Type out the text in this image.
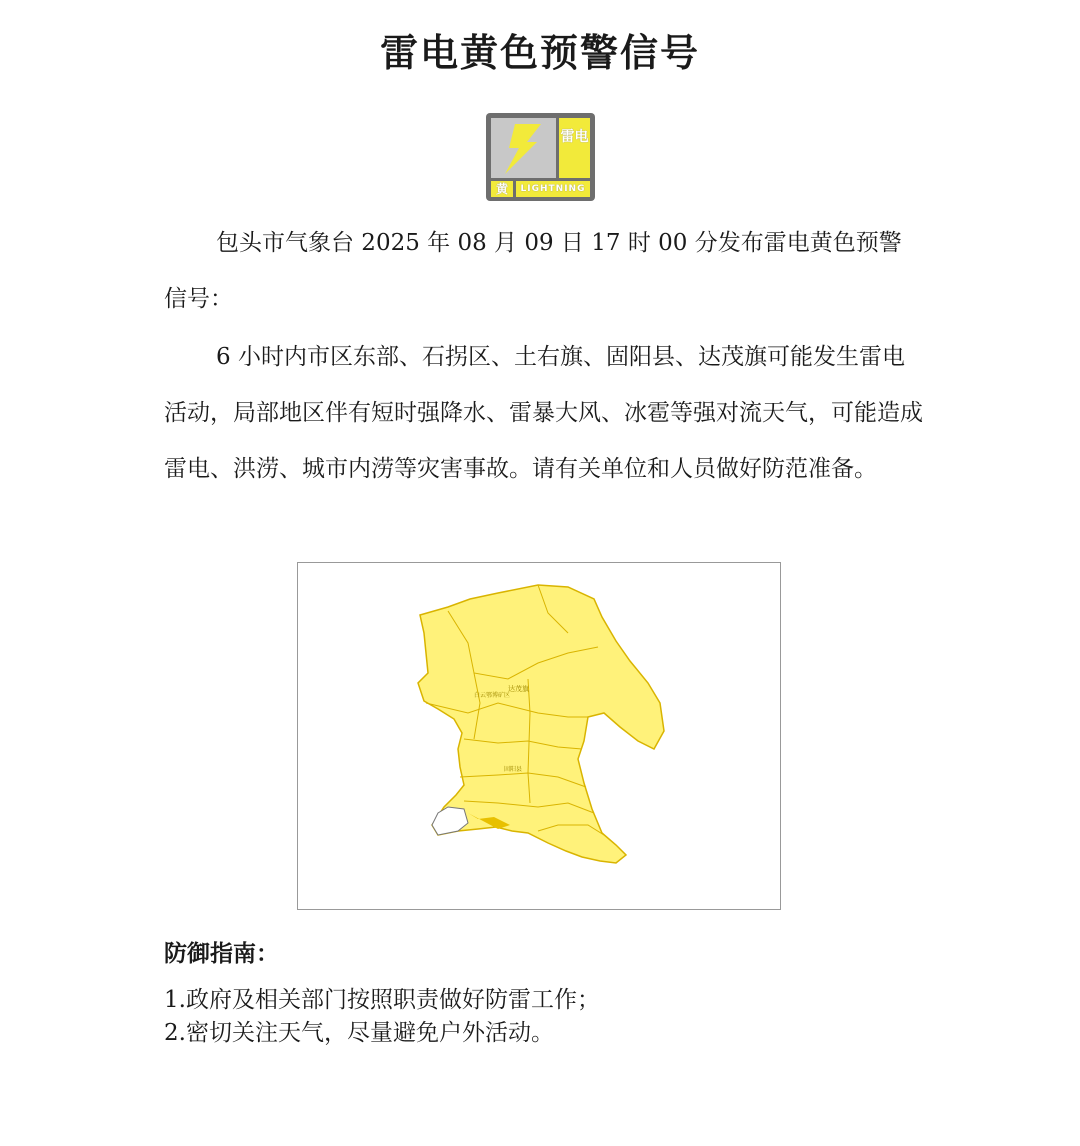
雷电黄色预警信号
雷电
黄	LIGHTNING
包头市气象台 2025 年 08 月 09 日 17 时 00 分发布雷电黄色预警信号：
6 小时内市区东部、石拐区、土右旗、固阳县、达茂旗可能发生雷电活动，局部地区伴有短时强降水、雷暴大风、冰雹等强对流天气，可能造成雷电、洪涝、城市内涝等灾害事故。请有关单位和人员做好防范准备。
达茂旗
白云鄂博矿区
固阳县
防御指南：
1.政府及相关部门按照职责做好防雷工作；
2.密切关注天气，尽量避免户外活动。
